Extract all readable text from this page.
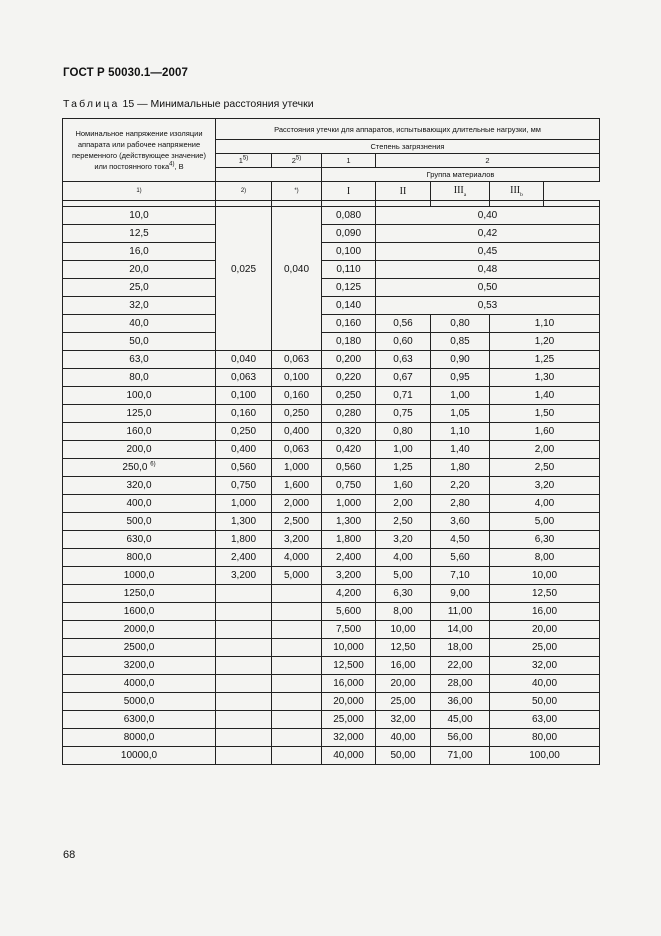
ГОСТ Р 50030.1—2007
Таблица 15 — Минимальные расстояния утечки
Номинальное напряжение изоляции аппарата или рабочее напряжение переменного (действующее значение) или постоянного тока$^{4)}$, В	Расстояния утечки для аппаратов, испытывающих длительные нагрузки, мм						
	Степень загрязнения						
	1$^{5)}$	2$^{5)}$	1	2			
			Группа материалов				
1)	2)	*)	I	II	$III_a$	$III_b$

10,0			0,080	0,40			
12,5			0,090	0,42			
16,0			0,100	0,45			
20,0	0,025	0,040	0,110	0,48			
25,0			0,125	0,50			
32,0			0,140	0,53			
40,0			0,160	0,56	0,80	1,10	
50,0			0,180	0,60	0,85	1,20	
63,0	0,040	0,063	0,200	0,63	0,90	1,25	
80,0	0,063	0,100	0,220	0,67	0,95	1,30	
100,0	0,100	0,160	0,250	0,71	1,00	1,40	
125,0	0,160	0,250	0,280	0,75	1,05	1,50	
160,0	0,250	0,400	0,320	0,80	1,10	1,60	
200,0	0,400	0,063	0,420	1,00	1,40	2,00	
250,0 $^{6)}$	0,560	1,000	0,560	1,25	1,80	2,50	
320,0	0,750	1,600	0,750	1,60	2,20	3,20	
400,0	1,000	2,000	1,000	2,00	2,80	4,00	
500,0	1,300	2,500	1,300	2,50	3,60	5,00	
630,0	1,800	3,200	1,800	3,20	4,50	6,30	
800,0	2,400	4,000	2,400	4,00	5,60	8,00	
1000,0	3,200	5,000	3,200	5,00	7,10	10,00	
1250,0			4,200	6,30	9,00	12,50	
1600,0			5,600	8,00	11,00	16,00	
2000,0			7,500	10,00	14,00	20,00	
2500,0			10,000	12,50	18,00	25,00	
3200,0			12,500	16,00	22,00	32,00	
4000,0			16,000	20,00	28,00	40,00	
5000,0			20,000	25,00	36,00	50,00	
6300,0			25,000	32,00	45,00	63,00	
8000,0			32,000	40,00	56,00	80,00	
10000,0			40,000	50,00	71,00	100,00	
68
